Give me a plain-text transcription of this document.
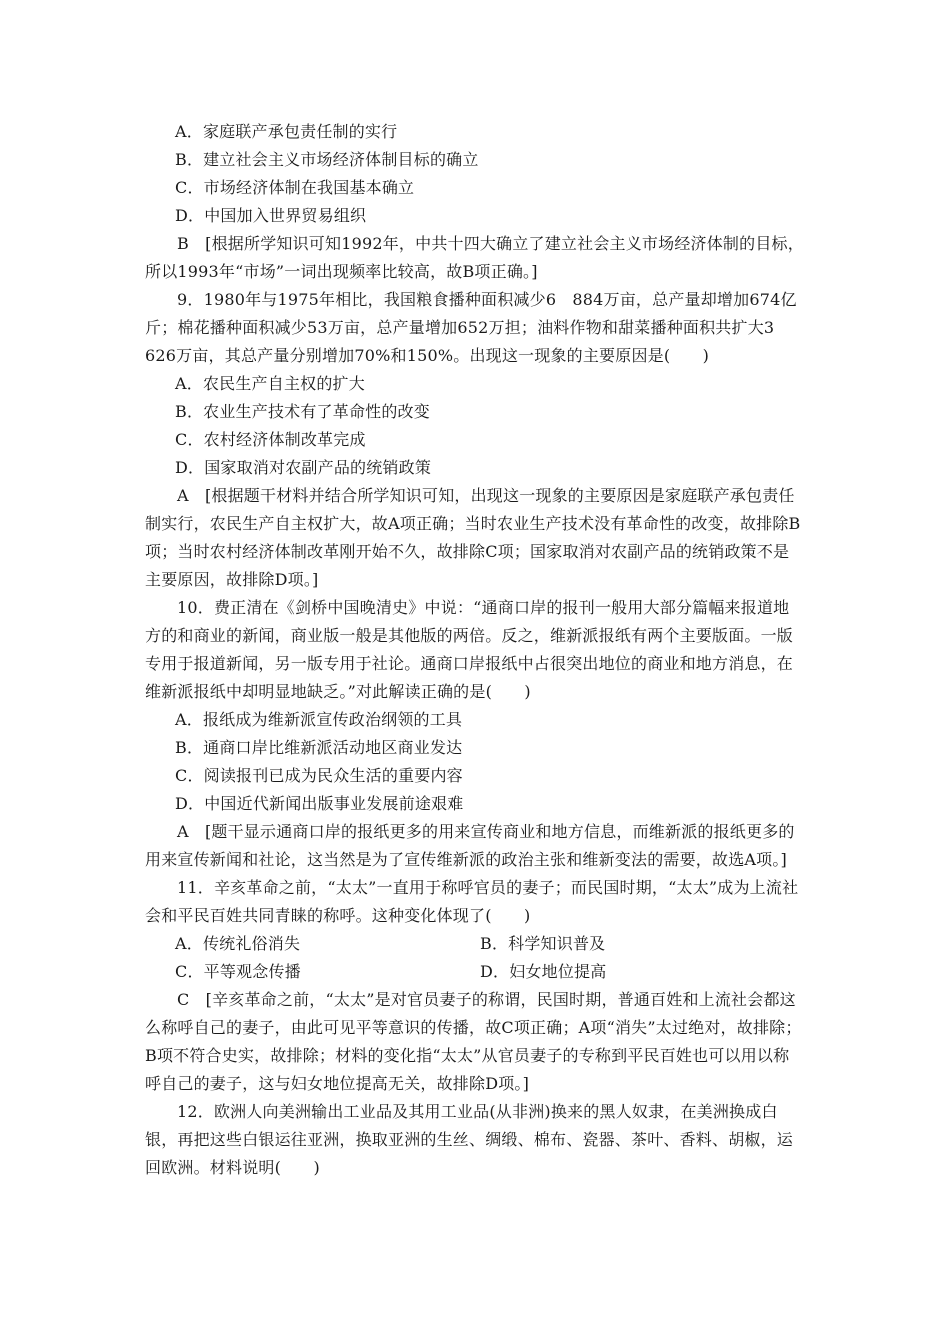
A．家庭联产承包责任制的实行

B．建立社会主义市场经济体制目标的确立

C．市场经济体制在我国基本确立

D．中国加入世界贸易组织

B　[根据所学知识可知1992年，中共十四大确立了建立社会主义市场经济体制的目标，所以1993年“市场”一词出现频率比较高，故B项正确。]

9．1980年与1975年相比，我国粮食播种面积减少6　884万亩，总产量却增加674亿斤；棉花播种面积减少53万亩，总产量增加652万担；油料作物和甜菜播种面积共扩大3 626万亩，其总产量分别增加70%和150%。出现这一现象的主要原因是(　　)

A．农民生产自主权的扩大

B．农业生产技术有了革命性的改变

C．农村经济体制改革完成

D．国家取消对农副产品的统销政策

A　[根据题干材料并结合所学知识可知，出现这一现象的主要原因是家庭联产承包责任制实行，农民生产自主权扩大，故A项正确；当时农业生产技术没有革命性的改变，故排除B项；当时农村经济体制改革刚开始不久，故排除C项；国家取消对农副产品的统销政策不是主要原因，故排除D项。]

10．费正清在《剑桥中国晚清史》中说：“通商口岸的报刊一般用大部分篇幅来报道地方的和商业的新闻，商业版一般是其他版的两倍。反之，维新派报纸有两个主要版面。一版专用于报道新闻，另一版专用于社论。通商口岸报纸中占很突出地位的商业和地方消息，在维新派报纸中却明显地缺乏。”对此解读正确的是(　　)

A．报纸成为维新派宣传政治纲领的工具

B．通商口岸比维新派活动地区商业发达

C．阅读报刊已成为民众生活的重要内容

D．中国近代新闻出版事业发展前途艰难

A　[题干显示通商口岸的报纸更多的用来宣传商业和地方信息，而维新派的报纸更多的用来宣传新闻和社论，这当然是为了宣传维新派的政治主张和维新变法的需要，故选A项。]

11．辛亥革命之前，“太太”一直用于称呼官员的妻子；而民国时期，“太太”成为上流社会和平民百姓共同青睐的称呼。这种变化体现了(　　)

A．传统礼俗消失	B．科学知识普及

C．平等观念传播	D．妇女地位提高

C　[辛亥革命之前，“太太”是对官员妻子的称谓，民国时期，普通百姓和上流社会都这么称呼自己的妻子，由此可见平等意识的传播，故C项正确；A项“消失”太过绝对，故排除；B项不符合史实，故排除；材料的变化指“太太”从官员妻子的专称到平民百姓也可以用以称呼自己的妻子，这与妇女地位提高无关，故排除D项。]

12．欧洲人向美洲输出工业品及其用工业品(从非洲)换来的黑人奴隶，在美洲换成白银，再把这些白银运往亚洲，换取亚洲的生丝、绸缎、棉布、瓷器、茶叶、香料、胡椒，运回欧洲。材料说明(　　)
